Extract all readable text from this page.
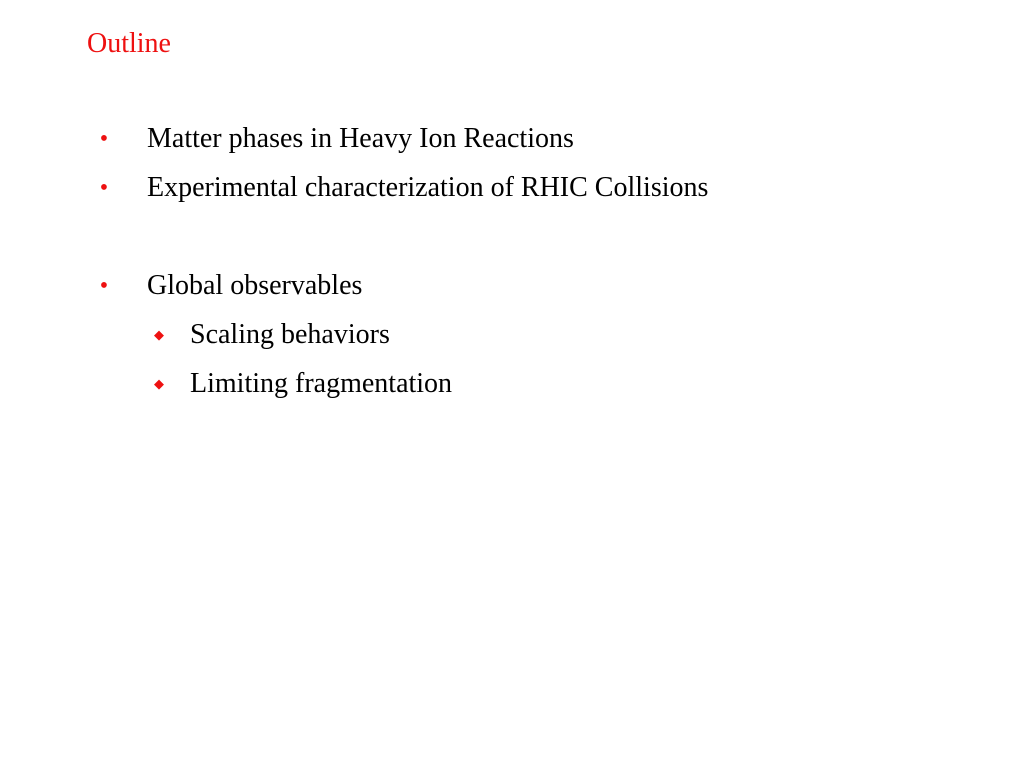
Outline
• Matter phases in Heavy Ion Reactions
• Experimental characterization of RHIC Collisions
• Global observables
◆ Scaling behaviors
◆ Limiting fragmentation
